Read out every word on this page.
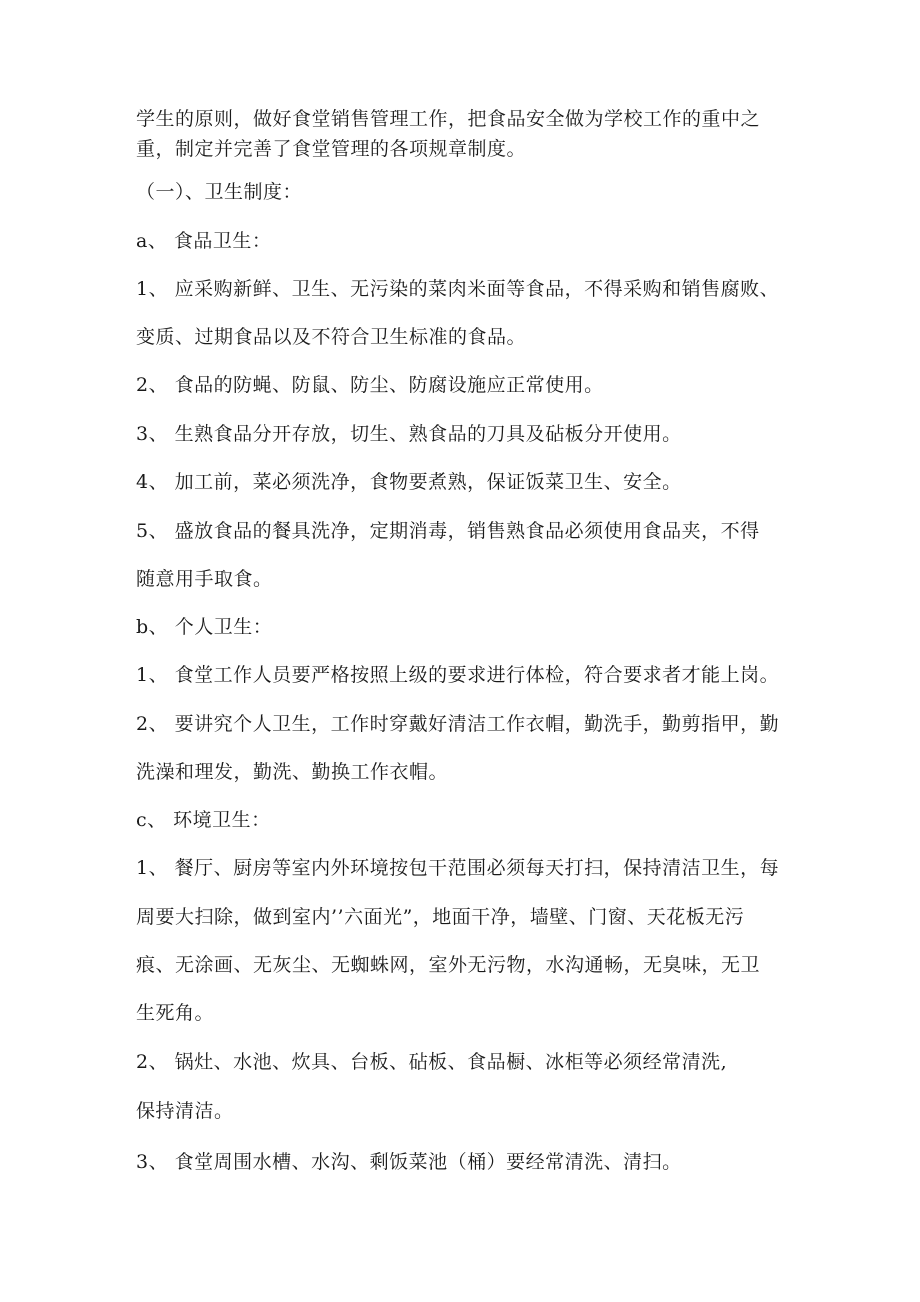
学生的原则，做好食堂销售管理工作，把食品安全做为学校工作的重中之
重，制定并完善了食堂管理的各项规章制度。
（一）、卫生制度：
a、 食品卫生：
1、 应采购新鲜、卫生、无污染的菜肉米面等食品，不得采购和销售腐败、
变质、过期食品以及不符合卫生标准的食品。
2、 食品的防蝇、防鼠、防尘、防腐设施应正常使用。
3、 生熟食品分开存放，切生、熟食品的刀具及砧板分开使用。
4、 加工前，菜必须洗净，食物要煮熟，保证饭菜卫生、安全。
5、 盛放食品的餐具洗净，定期消毒，销售熟食品必须使用食品夹，不得
随意用手取食。
b、 个人卫生：
1、 食堂工作人员要严格按照上级的要求进行体检，符合要求者才能上岗。
2、 要讲究个人卫生，工作时穿戴好清洁工作衣帽，勤洗手，勤剪指甲，勤
洗澡和理发，勤洗、勤换工作衣帽。
c、 环境卫生：
1、 餐厅、厨房等室内外环境按包干范围必须每天打扫，保持清洁卫生，每
周要大扫除，做到室内’’六面光”，地面干净，墙壁、门窗、天花板无污
痕、无涂画、无灰尘、无蜘蛛网，室外无污物，水沟通畅，无臭味，无卫
生死角。
2、 锅灶、水池、炊具、台板、砧板、食品橱、冰柜等必须经常清洗,
保持清洁。
3、 食堂周围水槽、水沟、剩饭菜池（桶）要经常清洗、清扫。
